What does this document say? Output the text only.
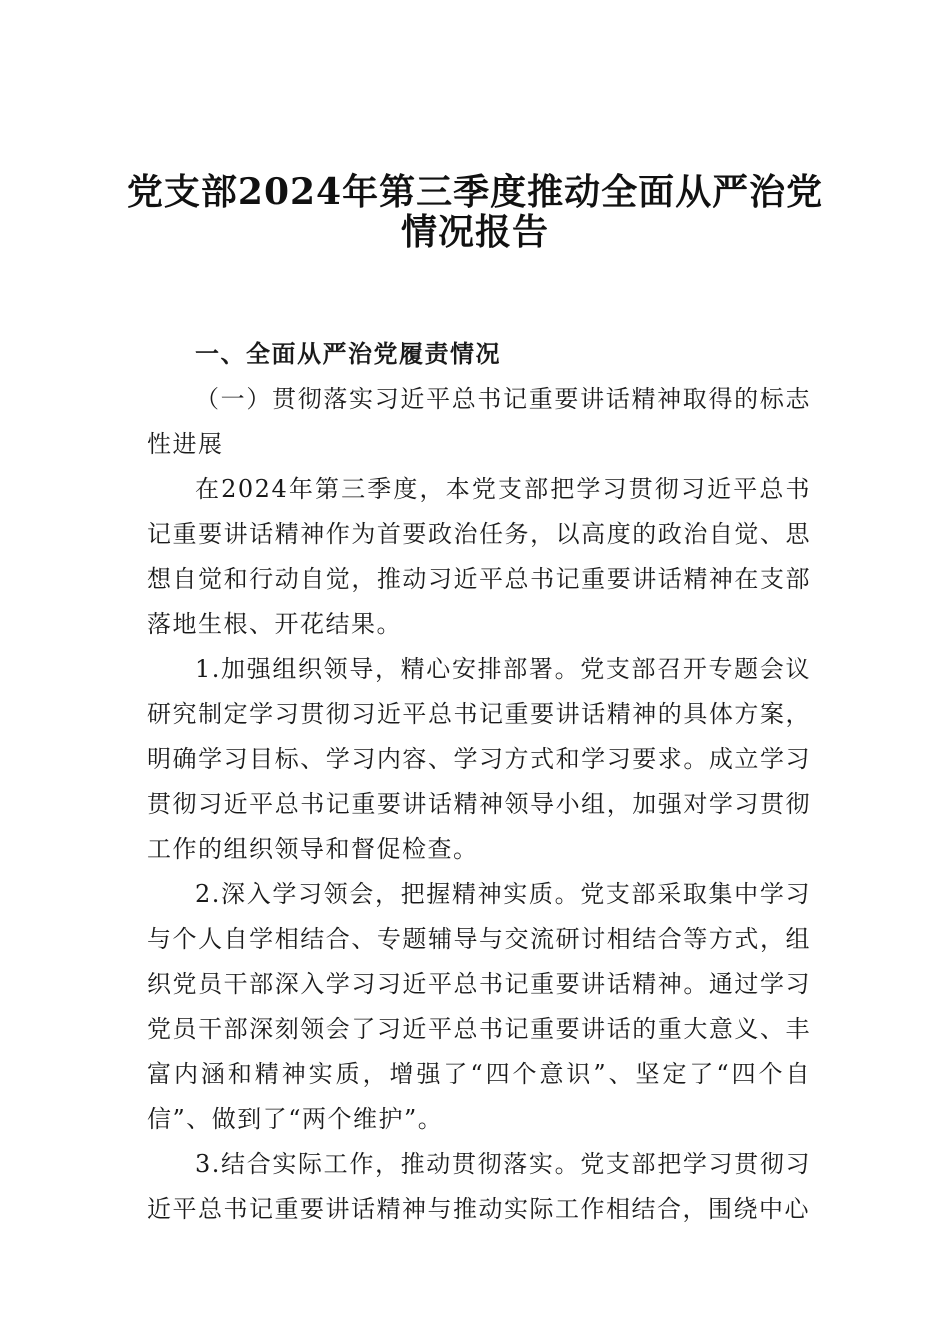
党支部2024年第三季度推动全面从严治党
情况报告

一、全面从严治党履责情况

（一）贯彻落实习近平总书记重要讲话精神取得的标志性进展

在2024年第三季度，本党支部把学习贯彻习近平总书记重要讲话精神作为首要政治任务，以高度的政治自觉、思想自觉和行动自觉，推动习近平总书记重要讲话精神在支部落地生根、开花结果。

1.加强组织领导，精心安排部署。党支部召开专题会议研究制定学习贯彻习近平总书记重要讲话精神的具体方案，明确学习目标、学习内容、学习方式和学习要求。成立学习贯彻习近平总书记重要讲话精神领导小组，加强对学习贯彻工作的组织领导和督促检查。

2.深入学习领会，把握精神实质。党支部采取集中学习与个人自学相结合、专题辅导与交流研讨相结合等方式，组织党员干部深入学习习近平总书记重要讲话精神。通过学习党员干部深刻领会了习近平总书记重要讲话的重大意义、丰富内涵和精神实质，增强了“四个意识”、坚定了“四个自信”、做到了“两个维护”。

3.结合实际工作，推动贯彻落实。党支部把学习贯彻习近平总书记重要讲话精神与推动实际工作相结合，围绕中心
